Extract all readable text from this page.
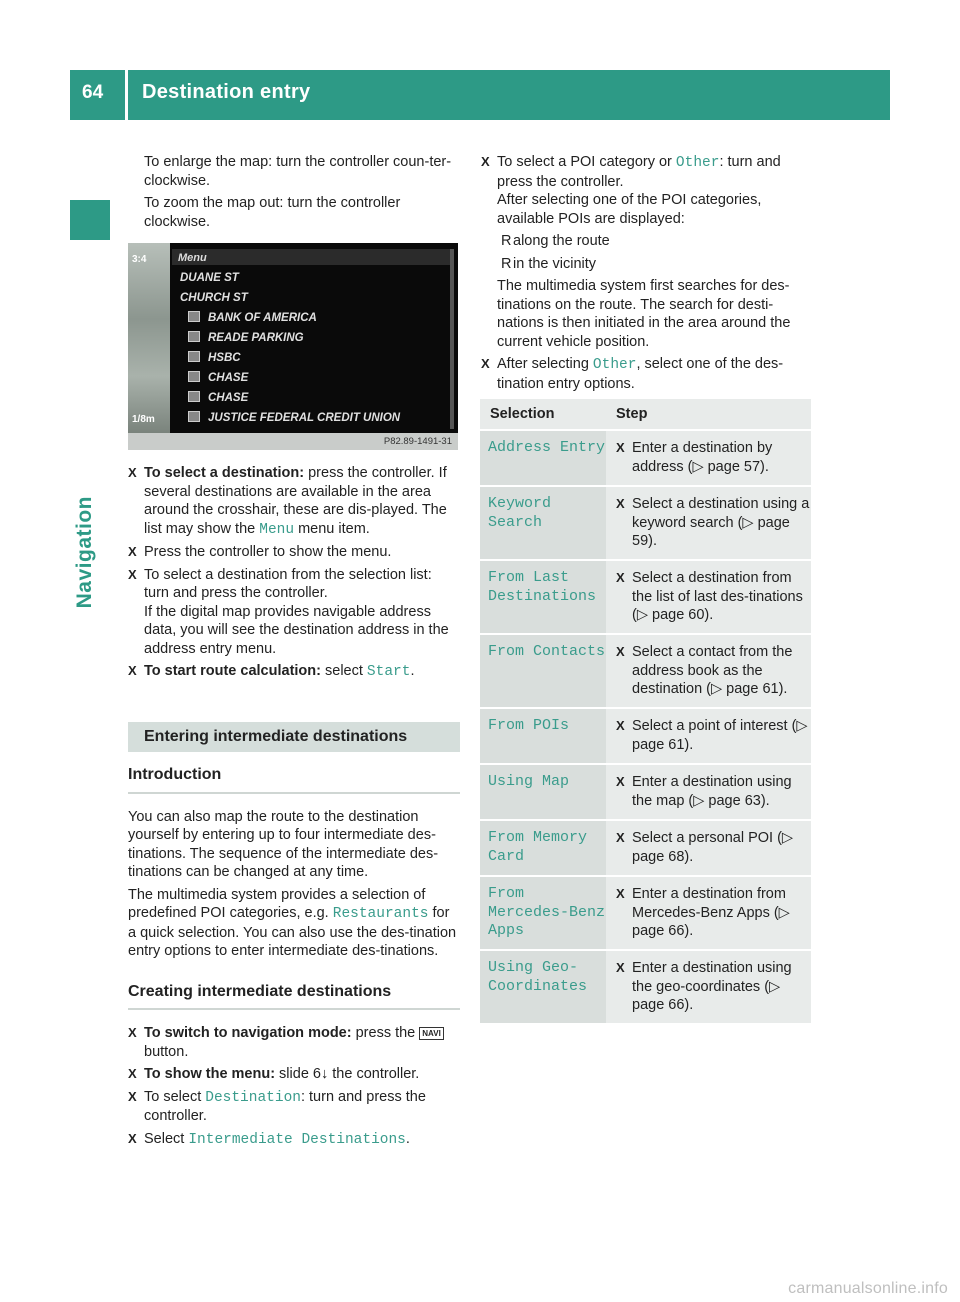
64 Destination entry
Navigation

To enlarge the map: turn the controller coun-ter-clockwise.

To zoom the map out: turn the controller clockwise.

3:4
1/8m
Menu
DUANE ST
CHURCH ST
BANK OF AMERICA
READE PARKING
HSBC
CHASE
CHASE
JUSTICE FEDERAL CREDIT UNION
P82.89-1491-31
X To select a destination: press the controller. If several destinations are available in the area around the crosshair, these are dis-played. The list may show the Menu menu item.
X Press the controller to show the menu.
X To select a destination from the selection list: turn and press the controller.
If the digital map provides navigable address data, you will see the destination address in the address entry menu.
X To start route calculation: select Start.

Entering intermediate destinations

Introduction

You can also map the route to the destination yourself by entering up to four intermediate des-tinations. The sequence of the intermediate des-tinations can be changed at any time.

The multimedia system provides a selection of predefined POI categories, e.g. Restaurants for a quick selection. You can also use the des-tination entry options to enter intermediate des-tinations.

Creating intermediate destinations

X To switch to navigation mode: press the NAVI button.
X To show the menu: slide 6↓ the controller.
X To select Destination: turn and press the controller.
X Select Intermediate Destinations.
X To select a POI category or Other: turn and press the controller.
After selecting one of the POI categories, available POIs are displayed:
R along the route
R in the vicinity

The multimedia system first searches for des-tinations on the route. The search for desti-nations is then initiated in the area around the current vehicle position.

X After selecting Other, select one of the des-tination entry options.
Selection	Step

Address Entry	X Enter a destination by address (▷ page 57).

Keyword Search	X Select a destination using a keyword search (▷ page 59).

From Last Destinations	X Select a destination from the list of last des-tinations (▷ page 60).

From Contacts	X Select a contact from the address book as the destination (▷ page 61).

From POIs	X Select a point of interest (▷ page 61).

Using Map	X Enter a destination using the map (▷ page 63).

From Memory Card	X Select a personal POI (▷ page 68).

From Mercedes-Benz Apps	X Enter a destination from Mercedes-Benz Apps (▷ page 66).

Using Geo-Coordinates	X Enter a destination using the geo-coordinates (▷ page 66).
carmanualsonline.info
